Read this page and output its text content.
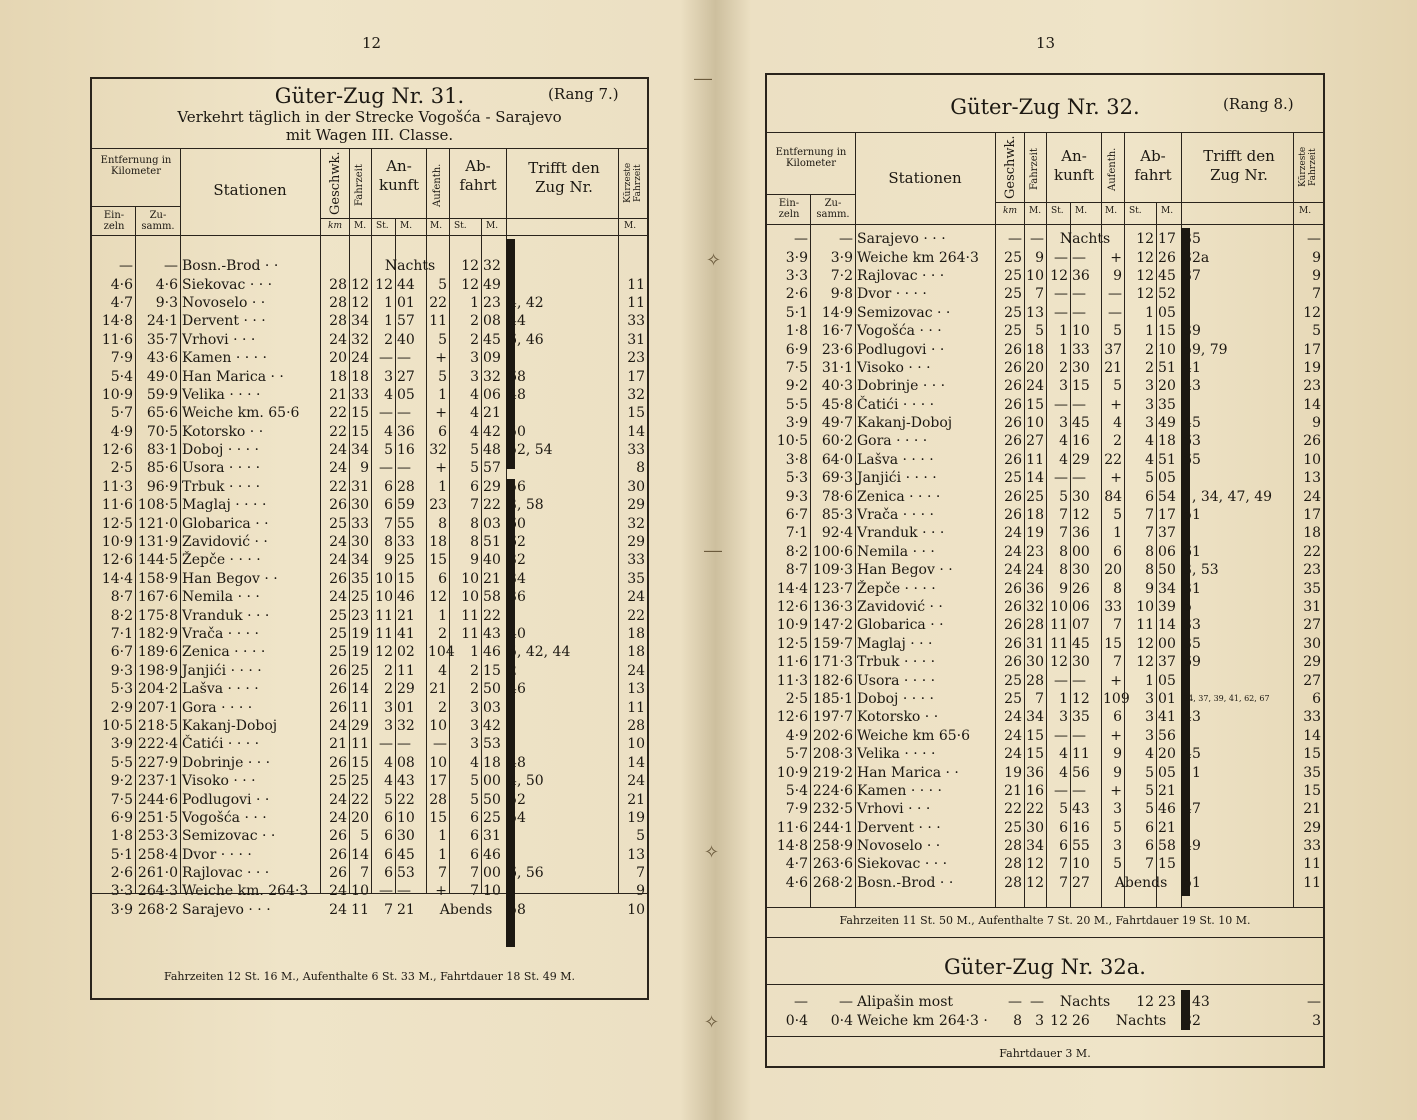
12	13
―
✧
―
✧
✧
Güter-Zug Nr. 31.	(Rang 7.)
Verkehrt täglich in der Strecke Vogošća - Sarajevo
mit Wagen III. Classe.
Entfernung in Kilometer
Ein-zeln
Zu-samm.
Stationen	Geschwk. Fahrzeit	An-kunft	Aufenth.	Ab-fahrt
Trifft den Zug Nr.	Kürzeste Fahrzeit
km M. St. M. M. St. M.	M.
—	—	Bosn.-Brod · ·			Nachts			12	32		
4·6	4·6	Siekovac · · ·	28	12	12	44	5	12	49		11
4·7	9·3	Novoselo · ·	28	12	1	01	22	1	23	4, 42	11
14·8	24·1	Dervent · · ·	28	34	1	57	11	2	08	44	33
11·6	35·7	Vrhovi · · ·	24	32	2	40	5	2	45	6, 46	31
7·9	43·6	Kamen · · · ·	20	24	—	—	+	3	09		23
5·4	49·0	Han Marica · ·	18	18	3	27	5	3	32	68	17
10·9	59·9	Velika · · · ·	21	33	4	05	1	4	06	48	32
5·7	65·6	Weiche km. 65·6	22	15	—	—	+	4	21		15
4·9	70·5	Kotorsko · ·	22	15	4	36	6	4	42	50	14
12·6	83·1	Doboj · · · ·	24	34	5	16	32	5	48	52, 54	33
2·5	85·6	Usora · · · ·	24	9	—	—	+	5	57		8
11·3	96·9	Trbuk · · · ·	22	31	6	28	1	6	29	56	30
11·6	108·5	Maglaj · · · ·	26	30	6	59	23	7	22	3, 58	29
12·5	121·0	Globarica · ·	25	33	7	55	8	8	03	60	32
10·9	131·9	Zavidović · ·	24	30	8	33	18	8	51	62	29
12·6	144·5	Žepče · · · ·	24	34	9	25	15	9	40	32	33
14·4	158·9	Han Begov · ·	26	35	10	15	6	10	21	34	35
8·7	167·6	Nemila · · ·	24	25	10	46	12	10	58	36	24
8·2	175·8	Vranduk · · ·	25	23	11	21	1	11	22		22
7·1	182·9	Vrača · · · ·	25	19	11	41	2	11	43	40	18
6·7	189·6	Zenica · · · ·	25	19	12	02	104	1	46	5, 42, 44	18
9·3	198·9	Janjići · · · ·	26	25	2	11	4	2	15	2	24
5·3	204·2	Lašva · · · ·	26	14	2	29	21	2	50	46	13
2·9	207·1	Gora · · · ·	26	11	3	01	2	3	03		11
10·5	218·5	Kakanj-Doboj	24	29	3	32	10	3	42		28
3·9	222·4	Čatići · · · ·	21	11	—	—	—	3	53		10
5·5	227·9	Dobrinje · · ·	26	15	4	08	10	4	18	48	14
9·2	237·1	Visoko · · ·	25	25	4	43	17	5	00	4, 50	24
7·5	244·6	Podlugovi · ·	24	22	5	22	28	5	50	52	21
6·9	251·5	Vogošća · · ·	24	20	6	10	15	6	25	54	19
1·8	253·3	Semizovac · ·	26	5	6	30	1	6	31		5
5·1	258·4	Dvor · · · ·	26	14	6	45	1	6	46		13
2·6	261·0	Rajlovac · · ·	26	7	6	53	7	7	00	6, 56	7
3·3	264·3	Weiche km. 264·3	24	10	—	—	+	7	10		9
3·9	268·2	Sarajevo · · ·	24	11	7	21	Abends			58	10
Fahrzeiten 12 St. 16 M., Aufenthalte 6 St. 33 M., Fahrtdauer 18 St. 49 M.
Güter-Zug Nr. 32.	(Rang 8.)
Entfernung in Kilometer
Ein-zeln
Zu-samm.
Stationen	Geschwk. Fahrzeit	An-kunft	Aufenth.	Ab-fahrt
Trifft den Zug Nr.	Kürzeste Fahrzeit
km M. St. M. M. St. M.	M.
—	—	Sarajevo · · ·	—	—	Nachts			12	17	35	—
3·9	3·9	Weiche km 264·3	25	9	—	—	+	12	26	32a	9
3·3	7·2	Rajlovac · · ·	25	10	12	36	9	12	45	37	9
2·6	9·8	Dvor · · · ·	25	7	—	—	—	12	52		7
5·1	14·9	Semizovac · ·	25	13	—	—	—	1	05		12
1·8	16·7	Vogošća · · ·	25	5	1	10	5	1	15	39	5
6·9	23·6	Podlugovi · ·	26	18	1	33	37	2	10	59, 79	17
7·5	31·1	Visoko · · ·	26	20	2	30	21	2	51	41	19
9·2	40·3	Dobrinje · · ·	26	24	3	15	5	3	20	43	23
5·5	45·8	Čatići · · · ·	26	15	—	—	+	3	35		14
3·9	49·7	Kakanj-Doboj	26	10	3	45	4	3	49	45	9
10·5	60·2	Gora · · · ·	26	27	4	16	2	4	18	63	26
3·8	64·0	Lašva · · · ·	26	11	4	29	22	4	51	65	10
5·3	69·3	Janjići · · · ·	25	14	—	—	+	5	05		13
9·3	78·6	Zenica · · · ·	26	25	5	30	84	6	54	1, 34, 47, 49	24
6·7	85·3	Vrača · · · ·	26	18	7	12	5	7	17	51	17
7·1	92·4	Vranduk · · ·	24	19	7	36	1	7	37		18
8·2	100·6	Nemila · · ·	24	23	8	00	6	8	06	61	22
8·7	109·3	Han Begov · ·	24	24	8	30	20	8	50	3, 53	23
14·4	123·7	Žepče · · · ·	26	36	9	26	8	9	34	31	35
12·6	136·3	Zavidović · ·	26	32	10	06	33	10	39	5	31
10·9	147·2	Globarica · ·	26	28	11	07	7	11	14	33	27
12·5	159·7	Maglaj · · ·	26	31	11	45	15	12	00	35	30
11·6	171·3	Trbuk · · · ·	26	30	12	30	7	12	37	69	29
11·3	182·6	Usora · · · ·	25	28	—	—	+	1	05		27
2·5	185·1	Doboj · · · ·	25	7	1	12	109	3	01	34, 37, 39, 41, 62, 67	6
12·6	197·7	Kotorsko · ·	24	34	3	35	6	3	41	43	33
4·9	202·6	Weiche km 65·6	24	15	—	—	+	3	56		14
5·7	208·3	Velika · · · ·	24	15	4	11	9	4	20	45	15
10·9	219·2	Han Marica · ·	19	36	4	56	9	5	05	11	35
5·4	224·6	Kamen · · · ·	21	16	—	—	+	5	21		15
7·9	232·5	Vrhovi · · ·	22	22	5	43	3	5	46	47	21
11·6	244·1	Dervent · · ·	25	30	6	16	5	6	21		29
14·8	258·9	Novoselo · ·	28	34	6	55	3	6	58	49	33
4·7	263·6	Siekovac · · ·	28	12	7	10	5	7	15		11
4·6	268·2	Bosn.-Brod · ·	28	12	7	27	Abends			51	11
Fahrzeiten 11 St. 50 M., Aufenthalte 7 St. 20 M., Fahrtdauer 19 St. 10 M.
Güter-Zug Nr. 32a.
—	—	Alipašin most	—	—	Nachts			12	23	143	—
0·4	0·4	Weiche km 264·3 ·	8	3	12	26	Nachts			32	3
Fahrtdauer 3 M.
